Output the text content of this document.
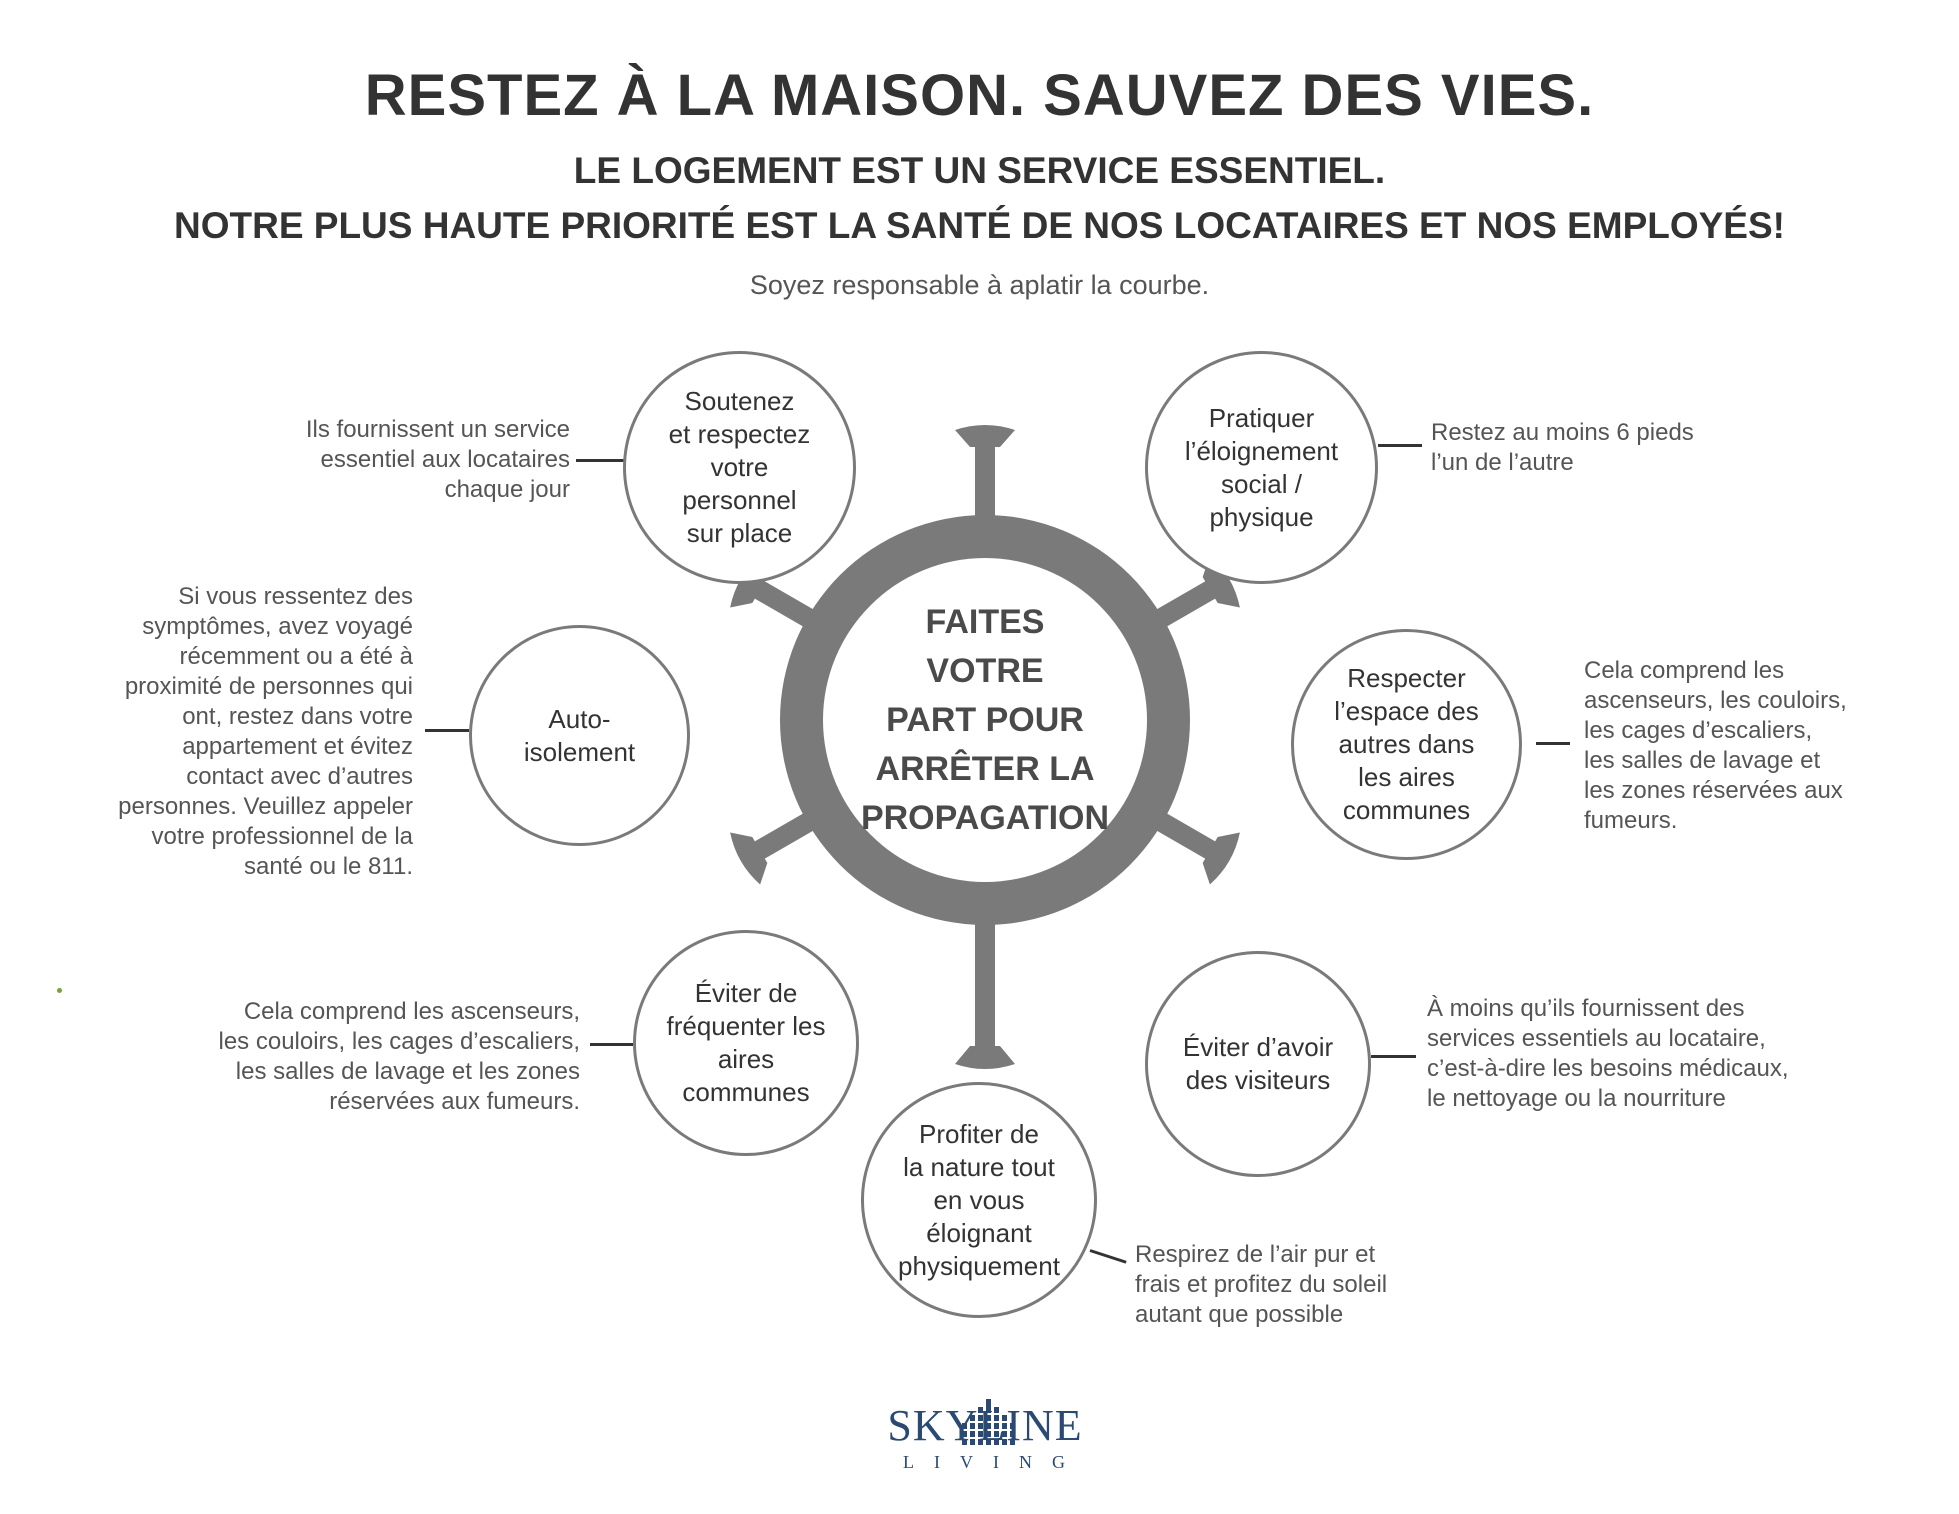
RESTEZ À LA MAISON. SAUVEZ DES VIES.
LE LOGEMENT EST UN SERVICE ESSENTIEL.
NOTRE PLUS HAUTE PRIORITÉ EST LA SANTÉ DE NOS LOCATAIRES ET NOS EMPLOYÉS!
Soyez responsable à aplatir la courbe.
FAITES
VOTRE
PART POUR
ARRÊTER LA
PROPAGATION
Soutenez
et respectez
votre
personnel
sur place
Pratiquer
l’éloignement
social /
physique
Auto-
isolement
Respecter
l’espace des
autres dans
les aires
communes
Éviter de
fréquenter les
aires
communes
Éviter d’avoir
des visiteurs
Profiter de
la nature tout
en vous
éloignant
physiquement
Ils fournissent un service
essentiel aux locataires
chaque jour
Restez au moins 6 pieds
l’un de l’autre
Si vous ressentez des
symptômes, avez voyagé
récemment ou a été à
proximité de personnes qui
ont, restez dans votre
appartement et évitez
contact avec d’autres
personnes. Veuillez appeler
votre professionnel de la
santé ou le 811.
Cela comprend les
ascenseurs, les couloirs,
les cages d’escaliers,
les salles de lavage et
les zones réservées aux
fumeurs.
Cela comprend les ascenseurs,
les couloirs, les cages d’escaliers,
les salles de lavage et les zones
réservées aux fumeurs.
À moins qu’ils fournissent des
services essentiels au locataire,
c’est-à-dire les besoins médicaux,
le nettoyage ou la nourriture
Respirez de l’air pur et
frais et profitez du soleil
autant que possible
SKYLINE
LIVING
